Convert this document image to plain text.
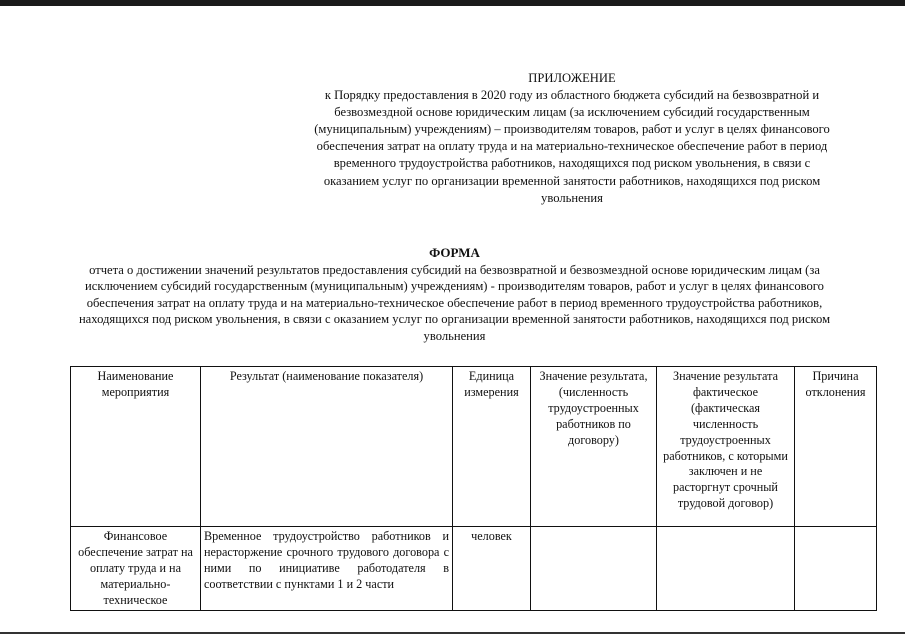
ПРИЛОЖЕНИЕ
к Порядку предоставления в 2020 году из областного бюджета субсидий на безвозвратной и безвозмездной основе юридическим лицам (за исключением субсидий государственным (муниципальным) учреждениям) – производителям товаров, работ и услуг в целях финансового обеспечения затрат на оплату труда и на материально-техническое обеспечение работ в период временного трудоустройства работников, находящихся под риском увольнения, в связи с оказанием услуг по организации временной занятости работников, находящихся под риском увольнения
ФОРМА
отчета о достижении значений результатов предоставления субсидий на безвозвратной и безвозмездной основе юридическим лицам (за исключением субсидий государственным (муниципальным) учреждениям) - производителям товаров, работ и услуг в целях финансового обеспечения затрат на оплату труда и на материально-техническое обеспечение работ в период временного трудоустройства работников, находящихся под риском увольнения, в связи с оказанием услуг по организации временной занятости работников, находящихся под риском увольнения
Наименование мероприятия	Результат (наименование показателя)	Единица измерения	Значение результата, (численность трудоустроенных работников по договору)	Значение результата фактическое (фактическая численность трудоустроенных работников, с которыми заключен и не расторгнут срочный трудовой договор)	Причина отклонения

Финансовое обеспечение затрат на оплату труда и на материально-техническое	Временное трудоустройство работников и нерасторжение срочного трудового договора с ними по инициативе работодателя в соответствии с пунктами 1 и 2 части	человек			
